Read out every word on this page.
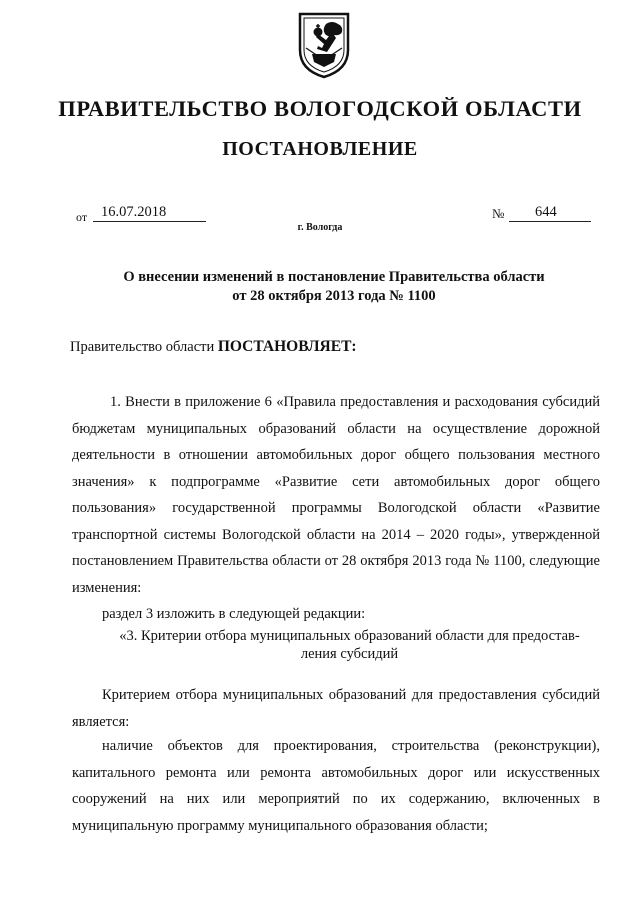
ПРАВИТЕЛЬСТВО ВОЛОГОДСКОЙ ОБЛАСТИ
ПОСТАНОВЛЕНИЕ
от 16.07.2018	№	644
г. Вологда
О внесении изменений в постановление Правительства области
от 28 октября 2013 года № 1100
Правительство области ПОСТАНОВЛЯЕТ:
1. Внести в приложение 6 «Правила предоставления и расходования субсидий бюджетам муниципальных образований области на осуществление дорожной деятельности в отношении автомобильных дорог общего пользования местного значения» к подпрограмме «Развитие сети автомобильных дорог общего пользования» государственной программы Вологодской области «Развитие транспортной системы Вологодской области на 2014 – 2020 годы», утвержденной постановлением Правительства области от 28 октября 2013 года № 1100, следующие изменения:
раздел 3 изложить в следующей редакции:
«3. Критерии отбора муниципальных образований области для предостав-
ления субсидий
Критерием отбора муниципальных образований для предоставления субсидий является:
наличие объектов для проектирования, строительства (реконструкции), капитального ремонта или ремонта автомобильных дорог или искусственных сооружений на них или мероприятий по их содержанию, включенных в муниципальную программу муниципального образования области;
